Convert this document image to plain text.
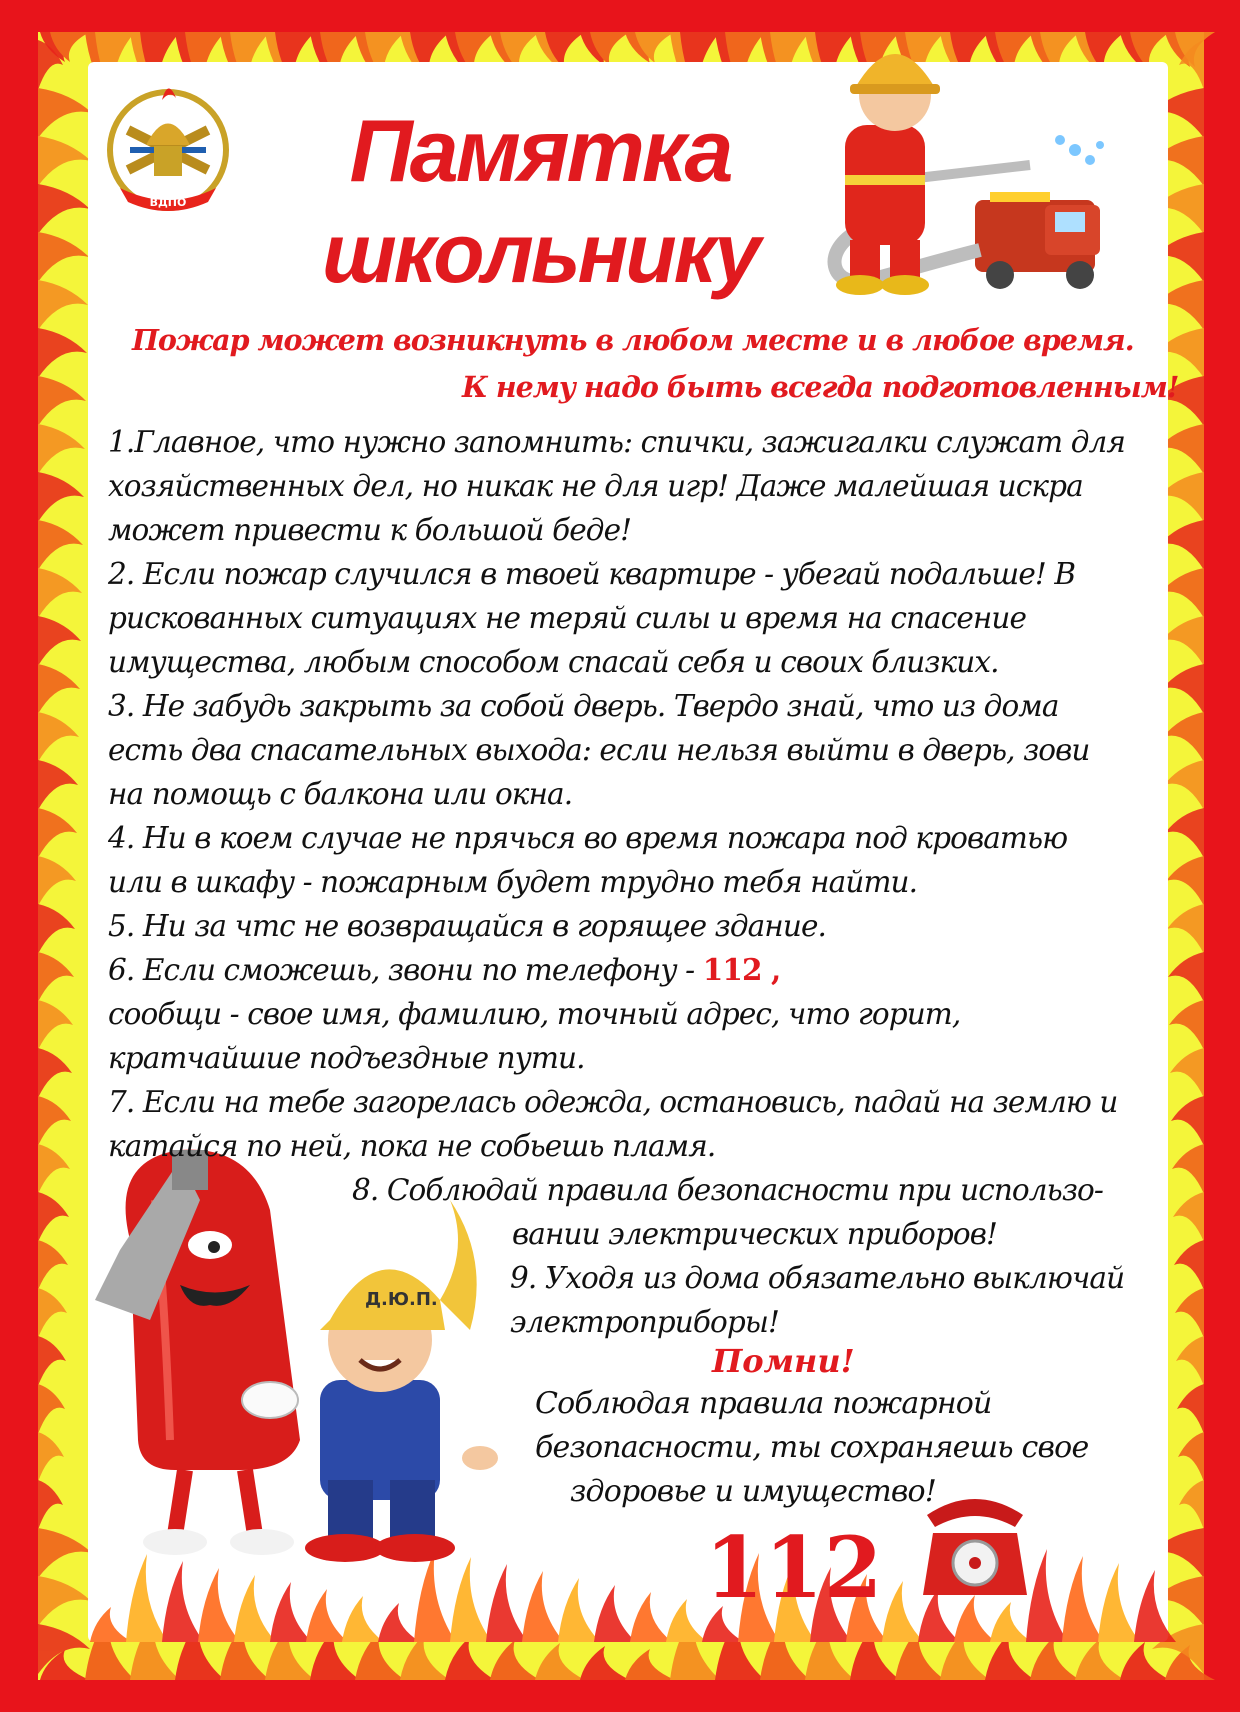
ВДПО
Д.Ю.П.
Памятка
школьнику
Пожар может возникнуть в любом месте и в любое время.
К нему надо быть всегда подготовленным!
1.Главное, что нужно запомнить: спички, зажигалки служат для
хозяйственных дел, но никак не для игр! Даже малейшая искра
может привести к большой беде!
2. Если пожар случился в твоей квартире - убегай подальше! В
рискованных ситуациях не теряй силы и время на спасение
имущества, любым способом спасай себя и своих близких.
3. Не забудь закрыть за собой дверь. Твердо знай, что из дома
есть два спасательных выхода: если нельзя выйти в дверь, зови
на помощь с балкона или окна.
4. Ни в коем случае не прячься во время пожара под кроватью
или в шкафу - пожарным будет трудно тебя найти.
5. Ни за чтс не возвращайся в горящее здание.
6. Если сможешь, звони по телефону - 112 ,
сообщи - свое имя, фамилию, точный адрес, что горит,
кратчайшие подъездные пути.
7. Если на тебе загорелась одежда, остановись, падай на землю и
катайся по ней, пока не собьешь пламя.
8. Соблюдай правила безопасности при использо-
вании электрических приборов!
9. Уходя из дома обязательно выключай
электроприборы!
Помни!
Соблюдая правила пожарной
безопасности, ты сохраняешь свое
здоровье и имущество!
112
